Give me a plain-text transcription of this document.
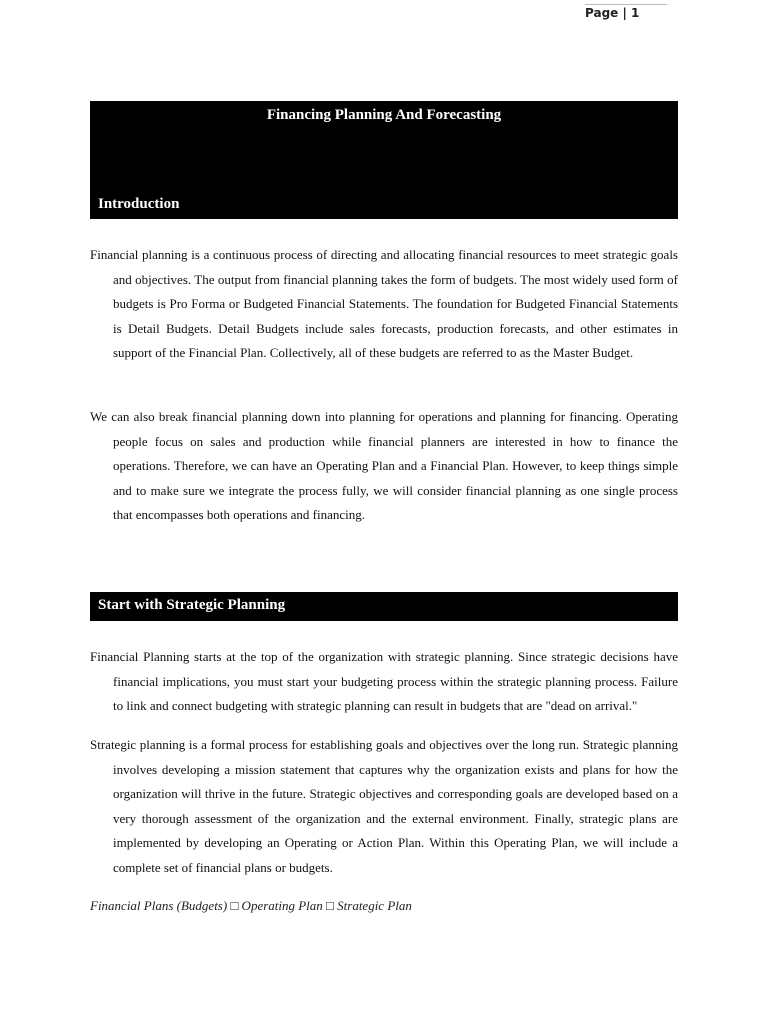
Page | 1
Financing Planning And Forecasting
Introduction

Financial planning is a continuous process of directing and allocating financial resources to meet strategic goals and objectives. The output from financial planning takes the form of budgets. The most widely used form of budgets is Pro Forma or Budgeted Financial Statements. The foundation for Budgeted Financial Statements is Detail Budgets. Detail Budgets include sales forecasts, production forecasts, and other estimates in support of the Financial Plan. Collectively, all of these budgets are referred to as the Master Budget.

We can also break financial planning down into planning for operations and planning for financing. Operating people focus on sales and production while financial planners are interested in how to finance the operations. Therefore, we can have an Operating Plan and a Financial Plan. However, to keep things simple and to make sure we integrate the process fully, we will consider financial planning as one single process that encompasses both operations and financing.

Start with Strategic Planning

Financial Planning starts at the top of the organization with strategic planning. Since strategic decisions have financial implications, you must start your budgeting process within the strategic planning process. Failure to link and connect budgeting with strategic planning can result in budgets that are "dead on arrival."

Strategic planning is a formal process for establishing goals and objectives over the long run. Strategic planning involves developing a mission statement that captures why the organization exists and plans for how the organization will thrive in the future. Strategic objectives and corresponding goals are developed based on a very thorough assessment of the organization and the external environment. Finally, strategic plans are implemented by developing an Operating or Action Plan. Within this Operating Plan, we will include a complete set of financial plans or budgets.

Financial Plans (Budgets) □ Operating Plan □ Strategic Plan
